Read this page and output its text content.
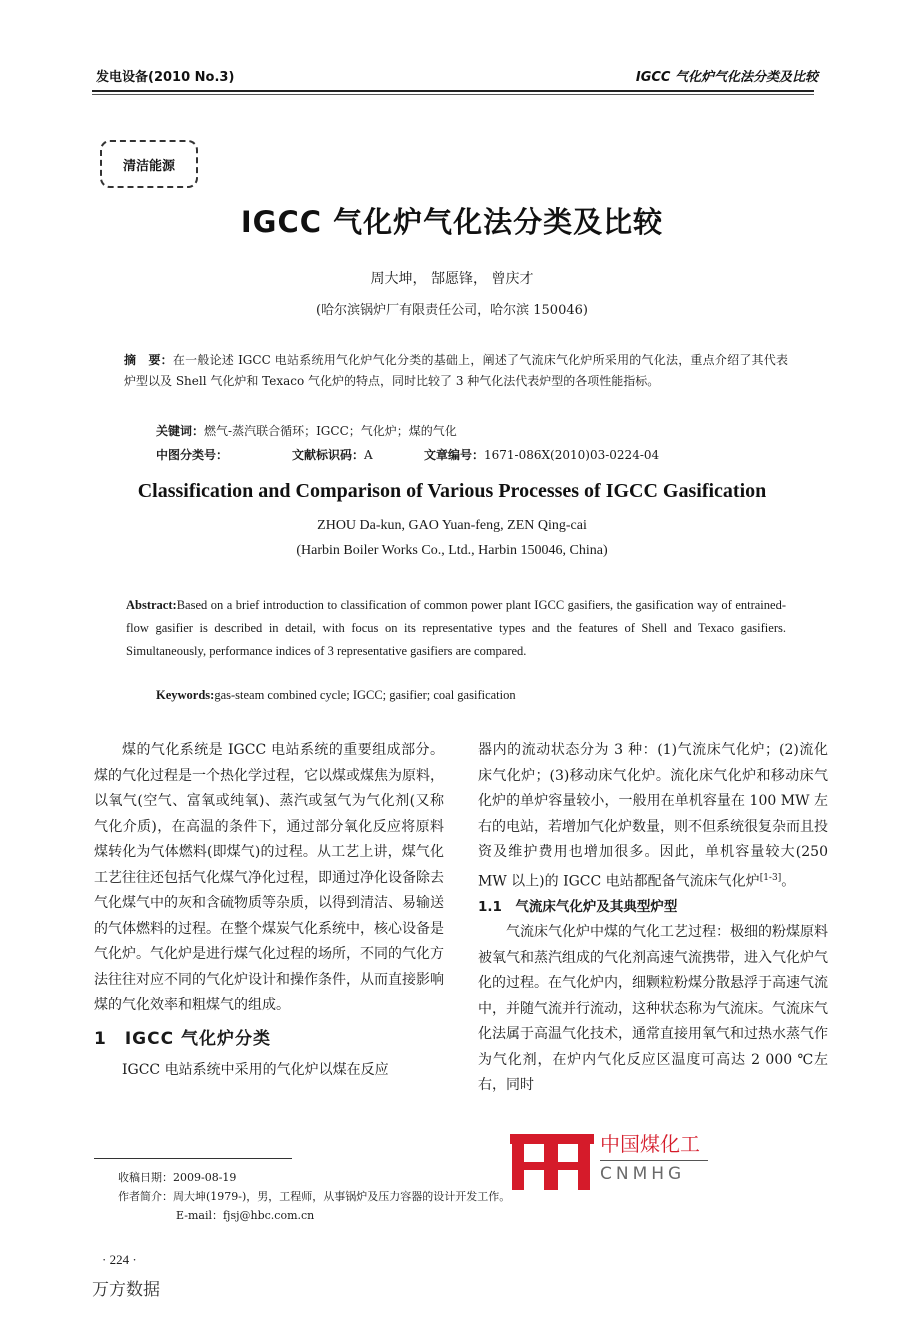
发电设备(2010 No.3)	IGCC 气化炉气化法分类及比较
清洁能源
IGCC 气化炉气化法分类及比较
周大坤， 郜愿锋， 曾庆才
(哈尔滨锅炉厂有限责任公司，哈尔滨 150046)
摘　要：在一般论述 IGCC 电站系统用气化炉气化分类的基础上，阐述了气流床气化炉所采用的气化法，重点介绍了其代表炉型以及 Shell 气化炉和 Texaco 气化炉的特点，同时比较了 3 种气化法代表炉型的各项性能指标。
关键词：燃气-蒸汽联合循环；IGCC；气化炉；煤的气化
中图分类号：	文献标识码：A	文章编号：1671-086X(2010)03-0224-04
Classification and Comparison of Various Processes of IGCC Gasification
ZHOU Da-kun, GAO Yuan-feng, ZEN Qing-cai
(Harbin Boiler Works Co., Ltd., Harbin 150046, China)
Abstract:Based on a brief introduction to classification of common power plant IGCC gasifiers, the gasification way of entrained-flow gasifier is described in detail, with focus on its representative types and the features of Shell and Texaco gasifiers. Simultaneously, performance indices of 3 representative gasifiers are compared.
Keywords:gas-steam combined cycle; IGCC; gasifier; coal gasification

煤的气化系统是 IGCC 电站系统的重要组成部分。煤的气化过程是一个热化学过程，它以煤或煤焦为原料，以氧气(空气、富氧或纯氧)、蒸汽或氢气为气化剂(又称气化介质)，在高温的条件下，通过部分氧化反应将原料煤转化为气体燃料(即煤气)的过程。从工艺上讲，煤气化工艺往往还包括气化煤气净化过程，即通过净化设备除去气化煤气中的灰和含硫物质等杂质，以得到清洁、易输送的气体燃料的过程。在整个煤炭气化系统中，核心设备是气化炉。气化炉是进行煤气化过程的场所，不同的气化方法往往对应不同的气化炉设计和操作条件，从而直接影响煤的气化效率和粗煤气的组成。

1　IGCC 气化炉分类

IGCC 电站系统中采用的气化炉以煤在反应

器内的流动状态分为 3 种：(1)气流床气化炉；(2)流化床气化炉；(3)移动床气化炉。流化床气化炉和移动床气化炉的单炉容量较小，一般用在单机容量在 100 MW 左右的电站，若增加气化炉数量，则不但系统很复杂而且投资及维护费用也增加很多。因此，单机容量较大(250 MW 以上)的 IGCC 电站都配备气流床气化炉[1-3]。

1.1　气流床气化炉及其典型炉型

气流床气化炉中煤的气化工艺过程：极细的粉煤原料被氧气和蒸汽组成的气化剂高速气流携带，进入气化炉气化的过程。在气化炉内，细颗粒粉煤分散悬浮于高速气流中，并随气流并行流动，这种状态称为气流床。气流床气化法属于高温气化技术，通常直接用氧气和过热水蒸气作为气化剂，在炉内气化反应区温度可高达 2 000 ℃左右，同时

中国煤化工
CNMHG
收稿日期：2009-08-19
作者简介：周大坤(1979-)，男，工程师，从事锅炉及压力容器的设计开发工作。
E-mail：fjsj@hbc.com.cn
· 224 ·
万方数据
